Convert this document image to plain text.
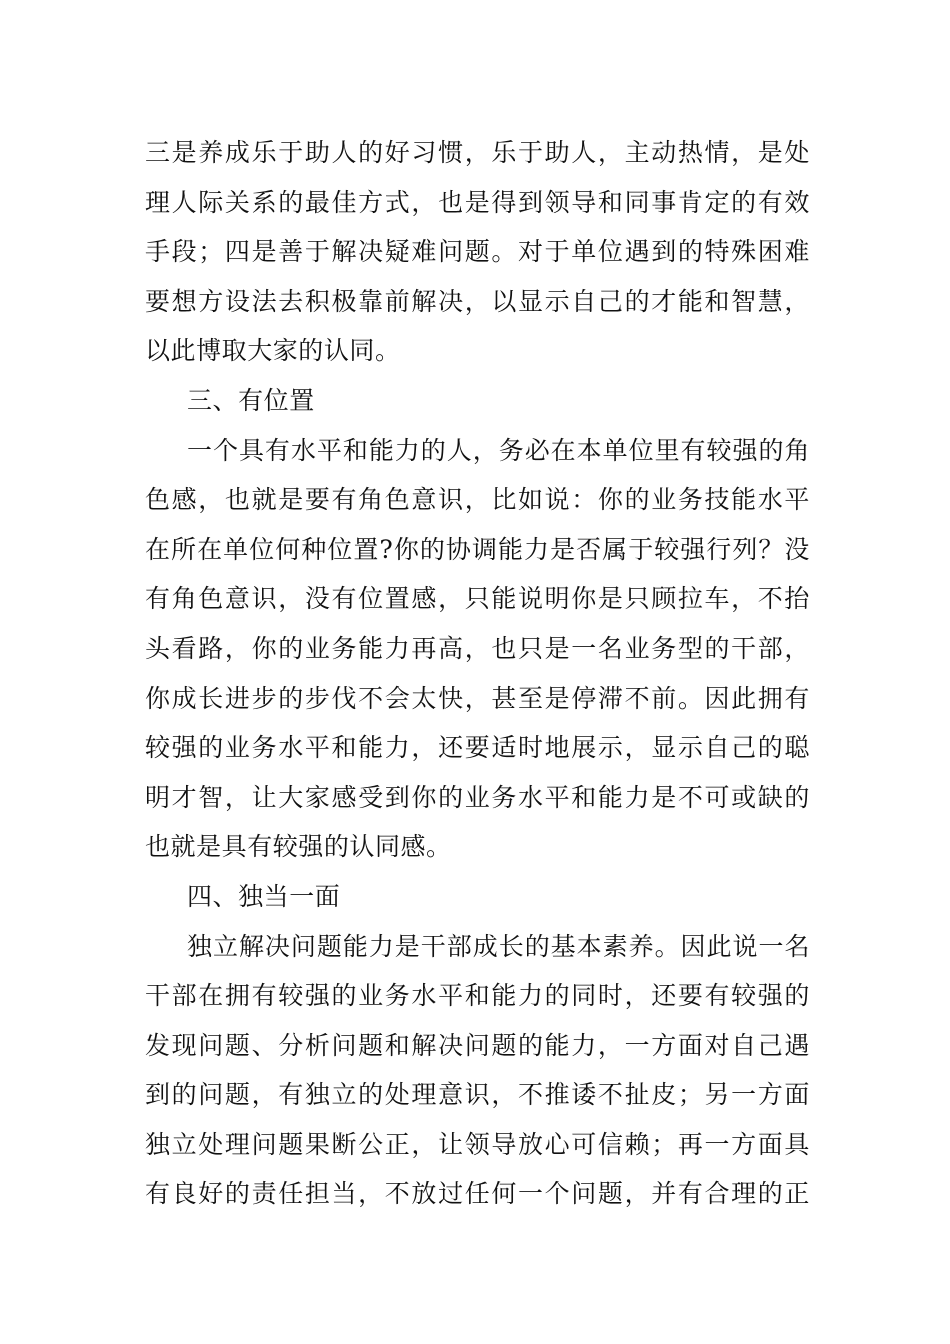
三是养成乐于助人的好习惯，乐于助人，主动热情，是处
理人际关系的最佳方式，也是得到领导和同事肯定的有效
手段；四是善于解决疑难问题。对于单位遇到的特殊困难
要想方设法去积极靠前解决，以显示自己的才能和智慧，
以此博取大家的认同。
三、有位置
一个具有水平和能力的人，务必在本单位里有较强的角
色感，也就是要有角色意识，比如说：你的业务技能水平
在所在单位何种位置?你的协调能力是否属于较强行列？没
有角色意识，没有位置感，只能说明你是只顾拉车，不抬
头看路，你的业务能力再高，也只是一名业务型的干部，
你成长进步的步伐不会太快，甚至是停滞不前。因此拥有
较强的业务水平和能力，还要适时地展示，显示自己的聪
明才智，让大家感受到你的业务水平和能力是不可或缺的
也就是具有较强的认同感。
四、独当一面
独立解决问题能力是干部成长的基本素养。因此说一名
干部在拥有较强的业务水平和能力的同时，还要有较强的
发现问题、分析问题和解决问题的能力，一方面对自己遇
到的问题，有独立的处理意识，不推诿不扯皮；另一方面
独立处理问题果断公正，让领导放心可信赖；再一方面具
有良好的责任担当，不放过任何一个问题，并有合理的正
